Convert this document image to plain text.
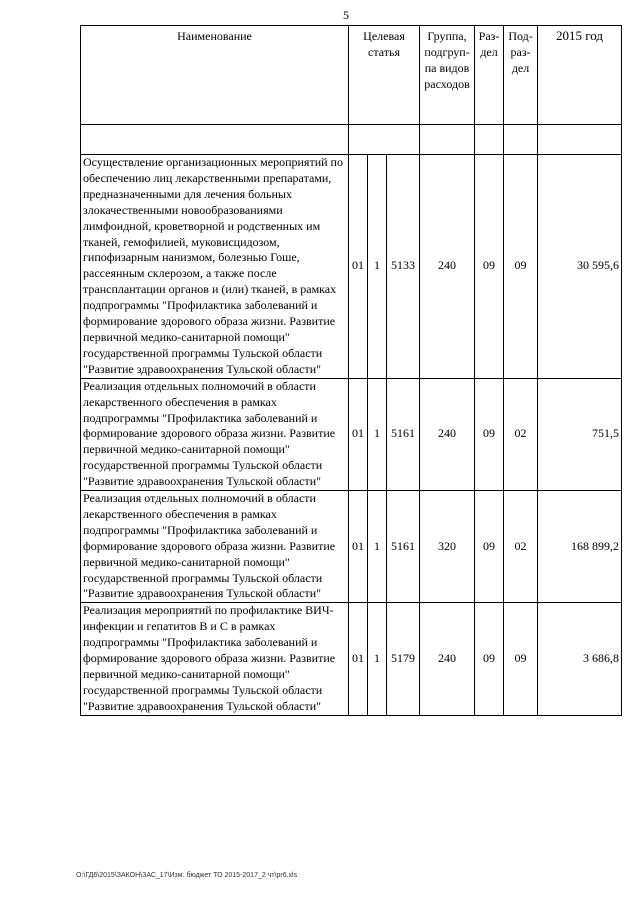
5
Наименование	Целевая статья			Группа, подгруп-па видов расходов	Раз-дел	Под-раз-дел	2015 год

Осуществление организационных мероприятий по обеспечению лиц лекарственными препаратами, предназначенными для лечения больных злокачественными новообразованиями лимфоидной, кроветворной и родственных им тканей, гемофилией, муковисцидозом, гипофизарным нанизмом, болезнью Гоше, рассеянным склерозом, а также после трансплантации органов и (или) тканей, в рамках подпрограммы "Профилактика заболеваний и формирование здорового образа жизни. Развитие первичной медико-санитарной помощи" государственной программы Тульской области "Развитие здравоохранения Тульской области"	01	1	5133	240	09	09	30 595,6
Реализация отдельных полномочий в области лекарственного обеспечения в рамках подпрограммы "Профилактика заболеваний и формирование здорового образа жизни. Развитие первичной медико-санитарной помощи" государственной программы Тульской области "Развитие здравоохранения Тульской области"	01	1	5161	240	09	02	751,5
Реализация отдельных полномочий в области лекарственного обеспечения в рамках подпрограммы "Профилактика заболеваний и формирование здорового образа жизни. Развитие первичной медико-санитарной помощи" государственной программы Тульской области "Развитие здравоохранения Тульской области"	01	1	5161	320	09	02	168 899,2
Реализация мероприятий по профилактике ВИЧ-инфекции и гепатитов В и С в рамках подпрограммы "Профилактика заболеваний и формирование здорового образа жизни. Развитие первичной медико-санитарной помощи" государственной программы Тульской области "Развитие здравоохранения Тульской области"	01	1	5179	240	09	09	3 686,8
O:\ГД6\2015\ЗАКОН\ЗАС_17\Изм. бюджет ТО 2015-2017_2 чт\pr6.xls
